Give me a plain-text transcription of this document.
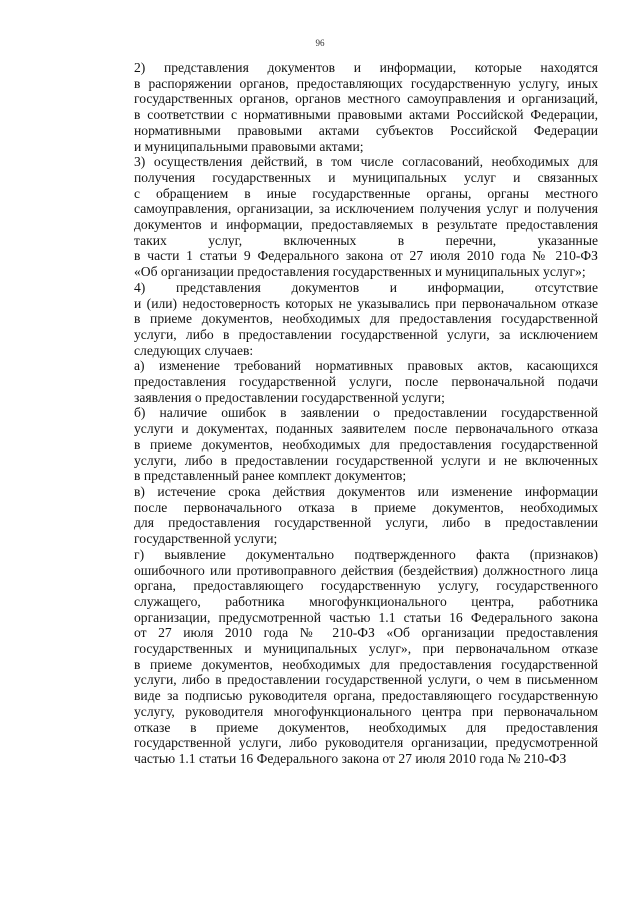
96

2) представления документов и информации, которые находятся
в распоряжении органов, предоставляющих государственную услугу, иных
государственных органов, органов местного самоуправления и организаций,
в соответствии с нормативными правовыми актами Российской Федерации,
нормативными правовыми актами субъектов Российской Федерации
и муниципальными правовыми актами;

3) осуществления действий, в том числе согласований, необходимых для
получения государственных и муниципальных услуг и связанных
с обращением в иные государственные органы, органы местного
самоуправления, организации, за исключением получения услуг и получения
документов и информации, предоставляемых в результате предоставления
таких услуг, включенных в перечни, указанные
в части 1 статьи 9 Федерального закона от 27 июля 2010 года № 210-ФЗ
«Об организации предоставления государственных и муниципальных услуг»;

4) представления документов и информации, отсутствие
и (или) недостоверность которых не указывались при первоначальном отказе
в приеме документов, необходимых для предоставления государственной
услуги, либо в предоставлении государственной услуги, за исключением
следующих случаев:

а) изменение требований нормативных правовых актов, касающихся
предоставления государственной услуги, после первоначальной подачи
заявления о предоставлении государственной услуги;

б) наличие ошибок в заявлении о предоставлении государственной
услуги и документах, поданных заявителем после первоначального отказа
в приеме документов, необходимых для предоставления государственной
услуги, либо в предоставлении государственной услуги и не включенных
в представленный ранее комплект документов;

в) истечение срока действия документов или изменение информации
после первоначального отказа в приеме документов, необходимых
для предоставления государственной услуги, либо в предоставлении
государственной услуги;

г) выявление документально подтвержденного факта (признаков)
ошибочного или противоправного действия (бездействия) должностного лица
органа, предоставляющего государственную услугу, государственного
служащего, работника многофункционального центра, работника
организации, предусмотренной частью 1.1 статьи 16 Федерального закона
от 27 июля 2010 года № 210-ФЗ «Об организации предоставления
государственных и муниципальных услуг», при первоначальном отказе
в приеме документов, необходимых для предоставления государственной
услуги, либо в предоставлении государственной услуги, о чем в письменном
виде за подписью руководителя органа, предоставляющего государственную
услугу, руководителя многофункционального центра при первоначальном
отказе в приеме документов, необходимых для предоставления
государственной услуги, либо руководителя организации, предусмотренной
частью 1.1 статьи 16 Федерального закона от 27 июля 2010 года № 210-ФЗ
